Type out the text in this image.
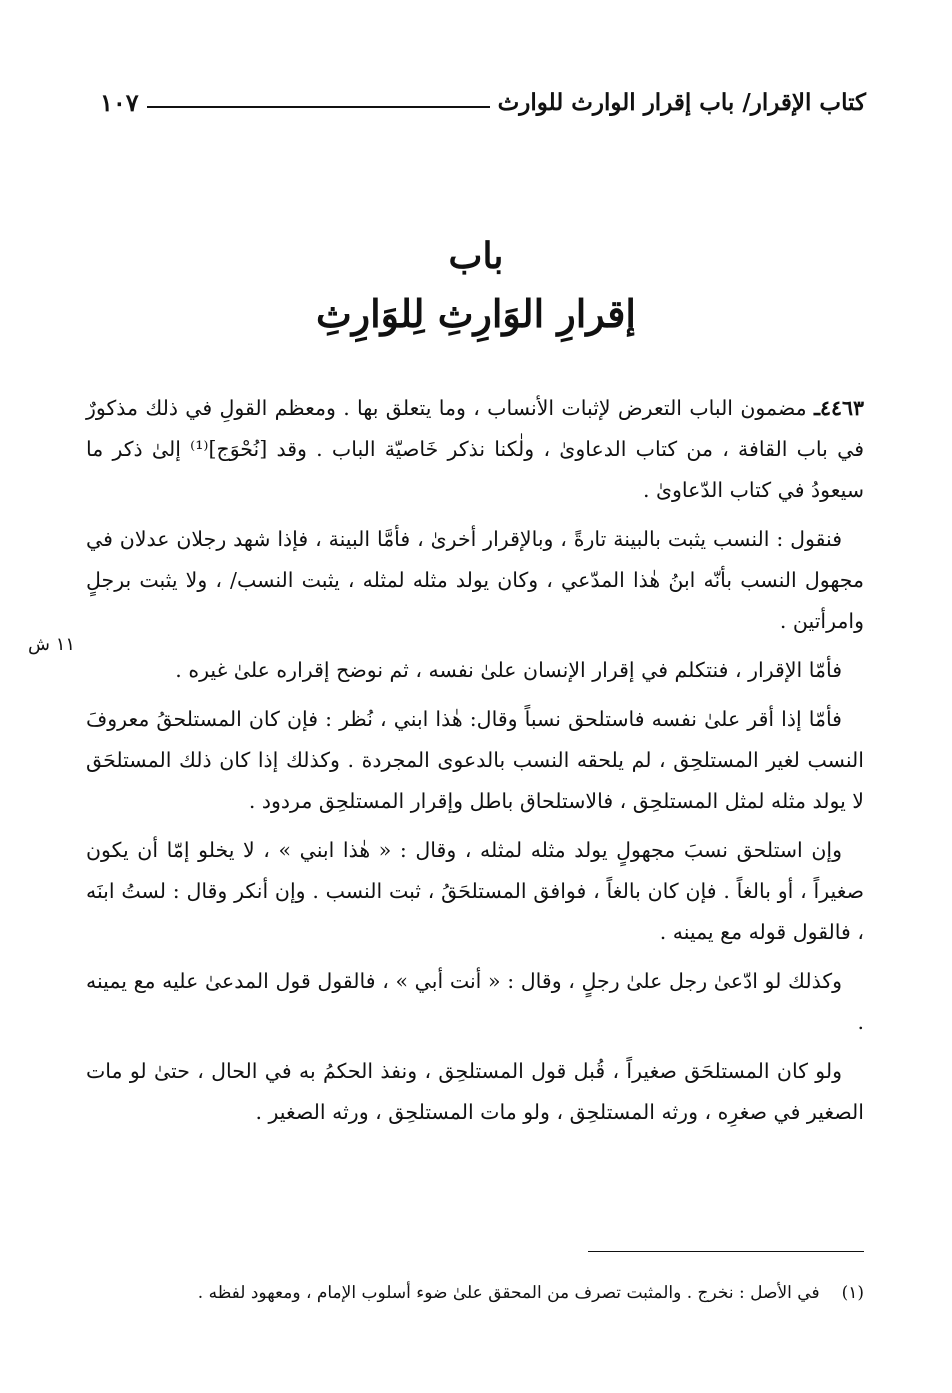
كتاب الإقرار/ باب إقرار الوارث للوارث
١٠٧
باب
إقرارِ الوَارِثِ لِلوَارِثِ

٤٤٦٣ـ مضمون الباب التعرض لإثبات الأنساب ، وما يتعلق بها . ومعظم القولِ في ذلك مذكورٌ في باب القافة ، من كتاب الدعاوىٰ ، ولٰكنا نذكر خَاصيّة الباب . وقد [نُحْوَج]⁽¹⁾ إلىٰ ذكر ما سيعودُ في كتاب الدّعاوىٰ .

فنقول : النسب يثبت بالبينة تارةً ، وبالإقرار أخرىٰ ، فأمَّا البينة ، فإذا شهد رجلان عدلان في مجهول النسب بأنّه ابنُ هٰذا المدّعي ، وكان يولد مثله لمثله ، يثبت النسب/ ، ولا يثبت برجلٍ وامرأتين .

فأمّا الإقرار ، فنتكلم في إقرار الإنسان علىٰ نفسه ، ثم نوضح إقراره علىٰ غيره .

فأمّا إذا أقر علىٰ نفسه فاستلحق نسباً وقال: هٰذا ابني ، نُظر : فإن كان المستلحقُ معروفَ النسب لغير المستلحِق ، لم يلحقه النسب بالدعوى المجردة . وكذلك إذا كان ذلك المستلحَق لا يولد مثله لمثل المستلحِق ، فالاستلحاق باطل وإقرار المستلحِق مردود .

وإن استلحق نسبَ مجهولٍ يولد مثله لمثله ، وقال : « هٰذا ابني » ، لا يخلو إمّا أن يكون صغيراً ، أو بالغاً . فإن كان بالغاً ، فوافق المستلحَقُ ، ثبت النسب . وإن أنكر وقال : لستُ ابنَه ، فالقول قوله مع يمينه .

وكذلك لو ادّعىٰ رجل علىٰ رجلٍ ، وقال : « أنت أبي » ، فالقول قول المدعىٰ عليه مع يمينه .

ولو كان المستلحَق صغيراً ، قُبل قول المستلحِق ، ونفذ الحكمُ به في الحال ، حتىٰ لو مات الصغير في صغرِه ، ورثه المستلحِق ، ولو مات المستلحِق ، ورثه الصغير .

١١ ش
(١)في الأصل : نخرج . والمثبت تصرف من المحقق علىٰ ضوء أسلوب الإمام ، ومعهود لفظه .
